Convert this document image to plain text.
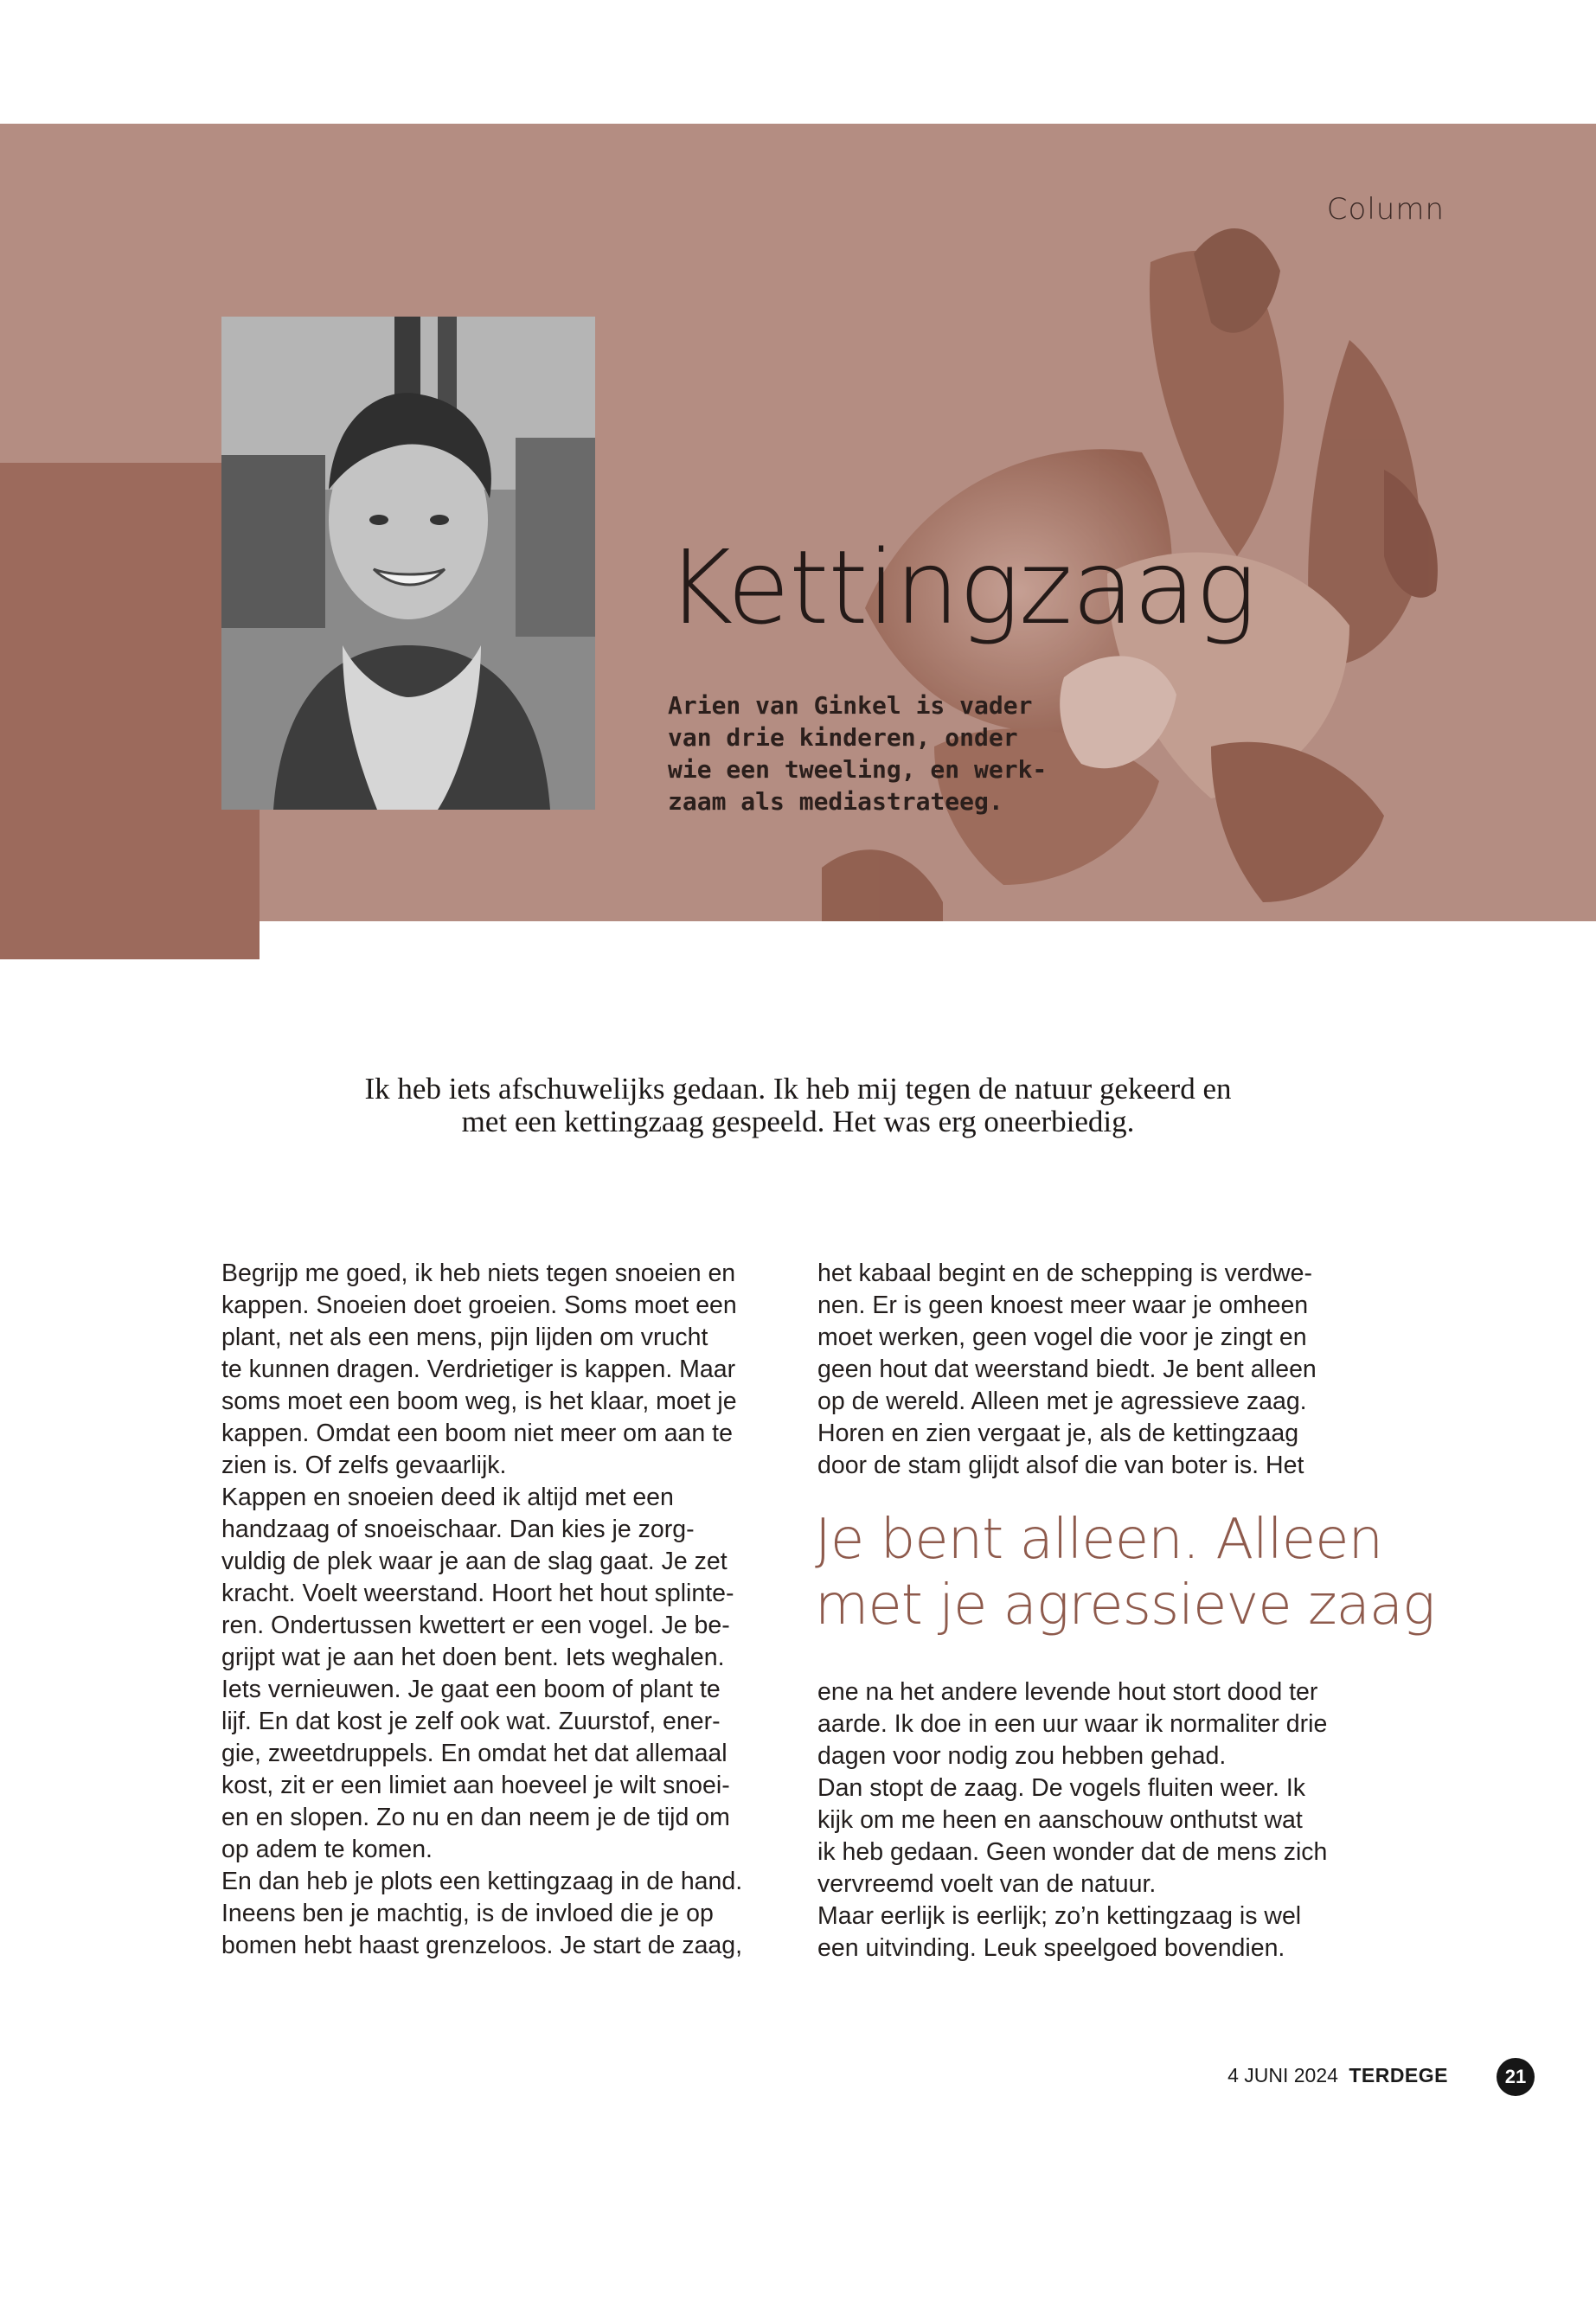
Column
Kettingzaag
Arien van Ginkel is vader
van drie kinderen, onder
wie een tweeling, en werk-
zaam als mediastrateeg.
Ik heb iets afschuwelijks gedaan. Ik heb mij tegen de natuur gekeerd en
met een kettingzaag gespeeld. Het was erg oneerbiedig.

Begrijp me goed, ik heb niets tegen snoeien en
kappen. Snoeien doet groeien. Soms moet een
plant, net als een mens, pijn lijden om vrucht
te kunnen dragen. Verdrietiger is kappen. Maar
soms moet een boom weg, is het klaar, moet je
kappen. Omdat een boom niet meer om aan te
zien is. Of zelfs gevaarlijk.

Kappen en snoeien deed ik altijd met een
handzaag of snoeischaar. Dan kies je zorg-
vuldig de plek waar je aan de slag gaat. Je zet
kracht. Voelt weerstand. Hoort het hout splinte-
ren. Ondertussen kwettert er een vogel. Je be-
grijpt wat je aan het doen bent. Iets weghalen.
Iets vernieuwen. Je gaat een boom of plant te
lijf. En dat kost je zelf ook wat. Zuurstof, ener-
gie, zweetdruppels. En omdat het dat allemaal
kost, zit er een limiet aan hoeveel je wilt snoei-
en en slopen. Zo nu en dan neem je de tijd om
op adem te komen.

En dan heb je plots een kettingzaag in de hand.
Ineens ben je machtig, is de invloed die je op
bomen hebt haast grenzeloos. Je start de zaag,

het kabaal begint en de schepping is verdwe-
nen. Er is geen knoest meer waar je omheen
moet werken, geen vogel die voor je zingt en
geen hout dat weerstand biedt. Je bent alleen
op de wereld. Alleen met je agressieve zaag.
Horen en zien vergaat je, als de kettingzaag
door de stam glijdt alsof die van boter is. Het

Je bent alleen. Alleen
met je agressieve zaag

ene na het andere levende hout stort dood ter
aarde. Ik doe in een uur waar ik normaliter drie
dagen voor nodig zou hebben gehad.

Dan stopt de zaag. De vogels fluiten weer. Ik
kijk om me heen en aanschouw onthutst wat
ik heb gedaan. Geen wonder dat de mens zich
vervreemd voelt van de natuur.

Maar eerlijk is eerlijk; zo’n kettingzaag is wel
een uitvinding. Leuk speelgoed bovendien.

4 JUNI 2024 TERDEGE	21
